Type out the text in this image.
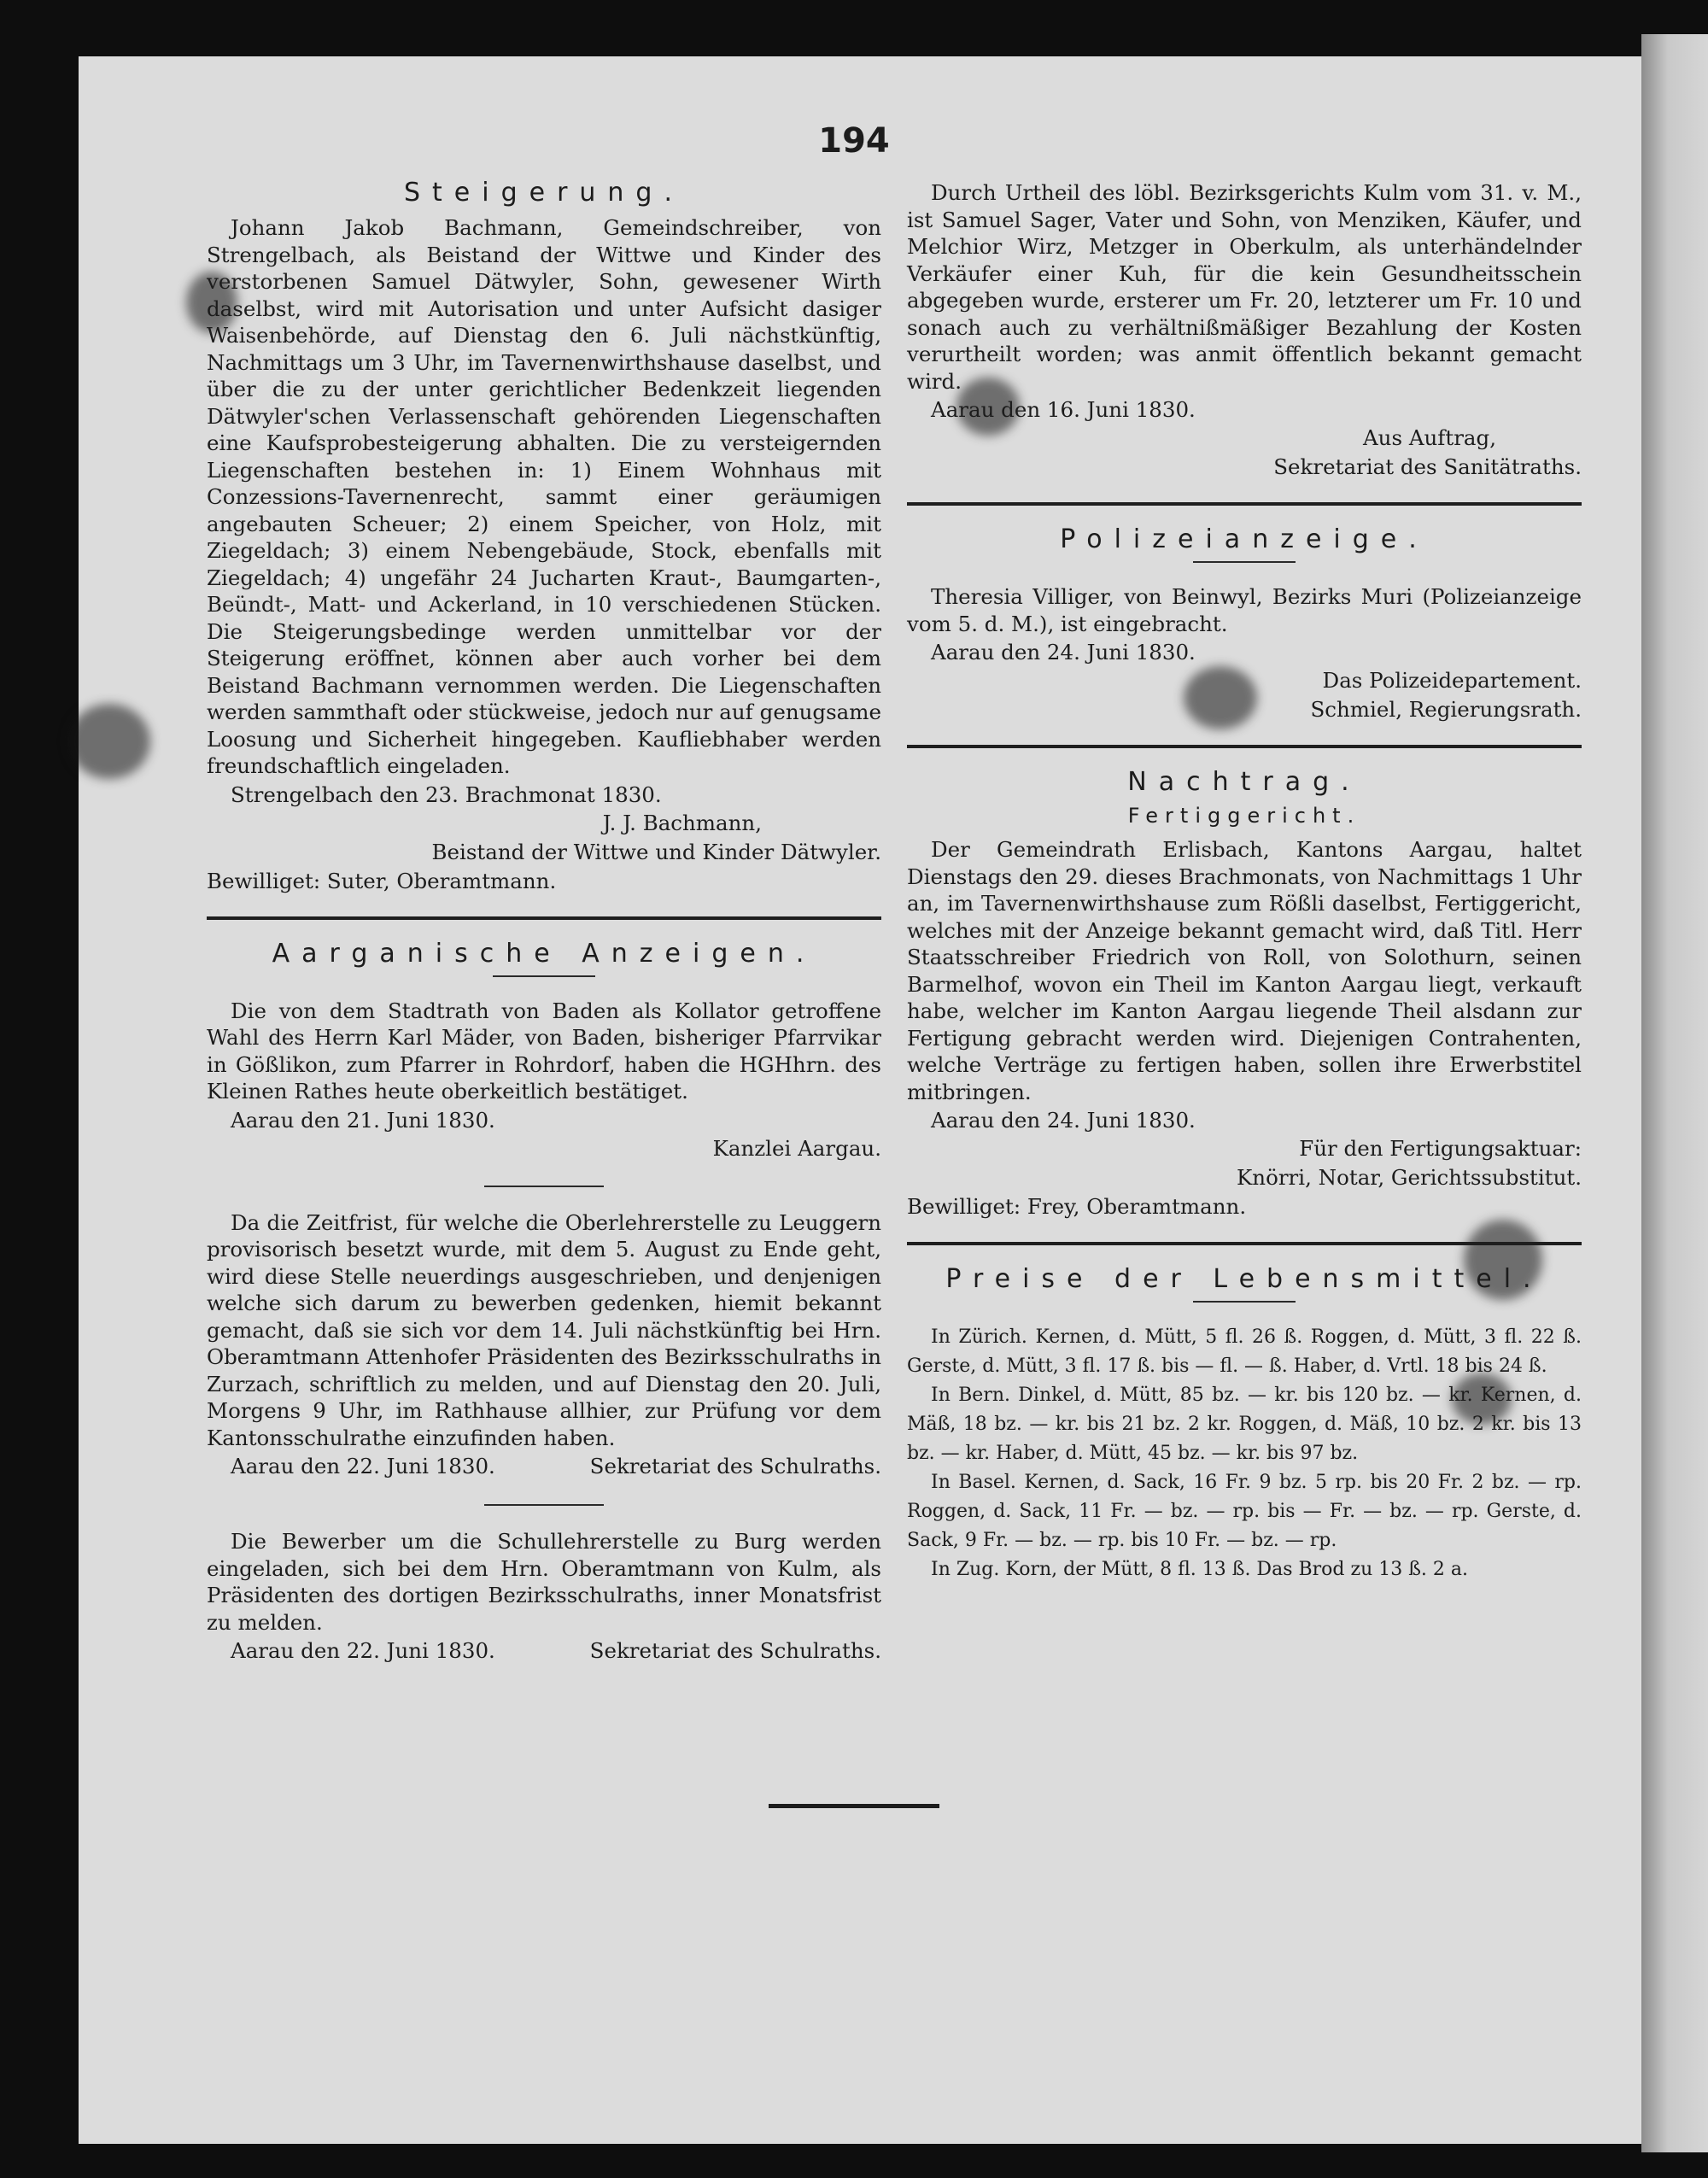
194
Steigerung.

Johann Jakob Bachmann, Gemeindschreiber, von Strengelbach, als Beistand der Wittwe und Kinder des verstorbenen Samuel Dätwyler, Sohn, gewesener Wirth daselbst, wird mit Autorisation und unter Aufsicht dasiger Waisenbehörde, auf Dienstag den 6. Juli nächstkünftig, Nachmittags um 3 Uhr, im Tavernenwirthshause daselbst, und über die zu der unter gerichtlicher Bedenkzeit liegenden Dätwyler'schen Verlassenschaft gehörenden Liegenschaften eine Kaufsprobesteigerung abhalten. Die zu versteigernden Liegenschaften bestehen in: 1) Einem Wohnhaus mit Conzessions-Tavernenrecht, sammt einer geräumigen angebauten Scheuer; 2) einem Speicher, von Holz, mit Ziegeldach; 3) einem Nebengebäude, Stock, ebenfalls mit Ziegeldach; 4) ungefähr 24 Jucharten Kraut-, Baumgarten-, Beündt-, Matt- und Ackerland, in 10 verschiedenen Stücken. Die Steigerungsbedinge werden unmittelbar vor der Steigerung eröffnet, können aber auch vorher bei dem Beistand Bachmann vernommen werden. Die Liegenschaften werden sammthaft oder stückweise, jedoch nur auf genugsame Loosung und Sicherheit hingegeben. Kaufliebhaber werden freundschaftlich eingeladen.

Strengelbach den 23. Brachmonat 1830.

J. J. Bachmann,

Beistand der Wittwe und Kinder Dätwyler.

Bewilliget: Suter, Oberamtmann.

Aarganische Anzeigen.

Die von dem Stadtrath von Baden als Kollator getroffene Wahl des Herrn Karl Mäder, von Baden, bisheriger Pfarrvikar in Gößlikon, zum Pfarrer in Rohrdorf, haben die HGHhrn. des Kleinen Rathes heute oberkeitlich bestätiget.

Aarau den 21. Juni 1830.

Kanzlei Aargau.

Da die Zeitfrist, für welche die Oberlehrerstelle zu Leuggern provisorisch besetzt wurde, mit dem 5. August zu Ende geht, wird diese Stelle neuerdings ausgeschrieben, und denjenigen welche sich darum zu bewerben gedenken, hiemit bekannt gemacht, daß sie sich vor dem 14. Juli nächstkünftig bei Hrn. Oberamtmann Attenhofer Präsidenten des Bezirksschulraths in Zurzach, schriftlich zu melden, und auf Dienstag den 20. Juli, Morgens 9 Uhr, im Rathhause allhier, zur Prüfung vor dem Kantonsschulrathe einzufinden haben.

Aarau den 22. Juni 1830.	Sekretariat des Schulraths.

Die Bewerber um die Schullehrerstelle zu Burg werden eingeladen, sich bei dem Hrn. Oberamtmann von Kulm, als Präsidenten des dortigen Bezirksschulraths, inner Monatsfrist zu melden.

Aarau den 22. Juni 1830.	Sekretariat des Schulraths.

Durch Urtheil des löbl. Bezirksgerichts Kulm vom 31. v. M., ist Samuel Sager, Vater und Sohn, von Menziken, Käufer, und Melchior Wirz, Metzger in Oberkulm, als unterhändelnder Verkäufer einer Kuh, für die kein Gesundheitsschein abgegeben wurde, ersterer um Fr. 20, letzterer um Fr. 10 und sonach auch zu verhältnißmäßiger Bezahlung der Kosten verurtheilt worden; was anmit öffentlich bekannt gemacht wird.

Aarau den 16. Juni 1830.

Aus Auftrag,

Sekretariat des Sanitätraths.

Polizeianzeige.

Theresia Villiger, von Beinwyl, Bezirks Muri (Polizeianzeige vom 5. d. M.), ist eingebracht.

Aarau den 24. Juni 1830.

Das Polizeidepartement.

Schmiel, Regierungsrath.

Nachtrag.
Fertiggericht.

Der Gemeindrath Erlisbach, Kantons Aargau, haltet Dienstags den 29. dieses Brachmonats, von Nachmittags 1 Uhr an, im Tavernenwirthshause zum Rößli daselbst, Fertiggericht, welches mit der Anzeige bekannt gemacht wird, daß Titl. Herr Staatsschreiber Friedrich von Roll, von Solothurn, seinen Barmelhof, wovon ein Theil im Kanton Aargau liegt, verkauft habe, welcher im Kanton Aargau liegende Theil alsdann zur Fertigung gebracht werden wird. Diejenigen Contrahenten, welche Verträge zu fertigen haben, sollen ihre Erwerbstitel mitbringen.

Aarau den 24. Juni 1830.

Für den Fertigungsaktuar:

Knörri, Notar, Gerichtssubstitut.

Bewilliget: Frey, Oberamtmann.

Preise der Lebensmittel.

In Zürich. Kernen, d. Mütt, 5 fl. 26 ß. Roggen, d. Mütt, 3 fl. 22 ß. Gerste, d. Mütt, 3 fl. 17 ß. bis — fl. — ß. Haber, d. Vrtl. 18 bis 24 ß.

In Bern. Dinkel, d. Mütt, 85 bz. — kr. bis 120 bz. — kr. Kernen, d. Mäß, 18 bz. — kr. bis 21 bz. 2 kr. Roggen, d. Mäß, 10 bz. 2 kr. bis 13 bz. — kr. Haber, d. Mütt, 45 bz. — kr. bis 97 bz.

In Basel. Kernen, d. Sack, 16 Fr. 9 bz. 5 rp. bis 20 Fr. 2 bz. — rp. Roggen, d. Sack, 11 Fr. — bz. — rp. bis — Fr. — bz. — rp. Gerste, d. Sack, 9 Fr. — bz. — rp. bis 10 Fr. — bz. — rp.

In Zug. Korn, der Mütt, 8 fl. 13 ß. Das Brod zu 13 ß. 2 a.
